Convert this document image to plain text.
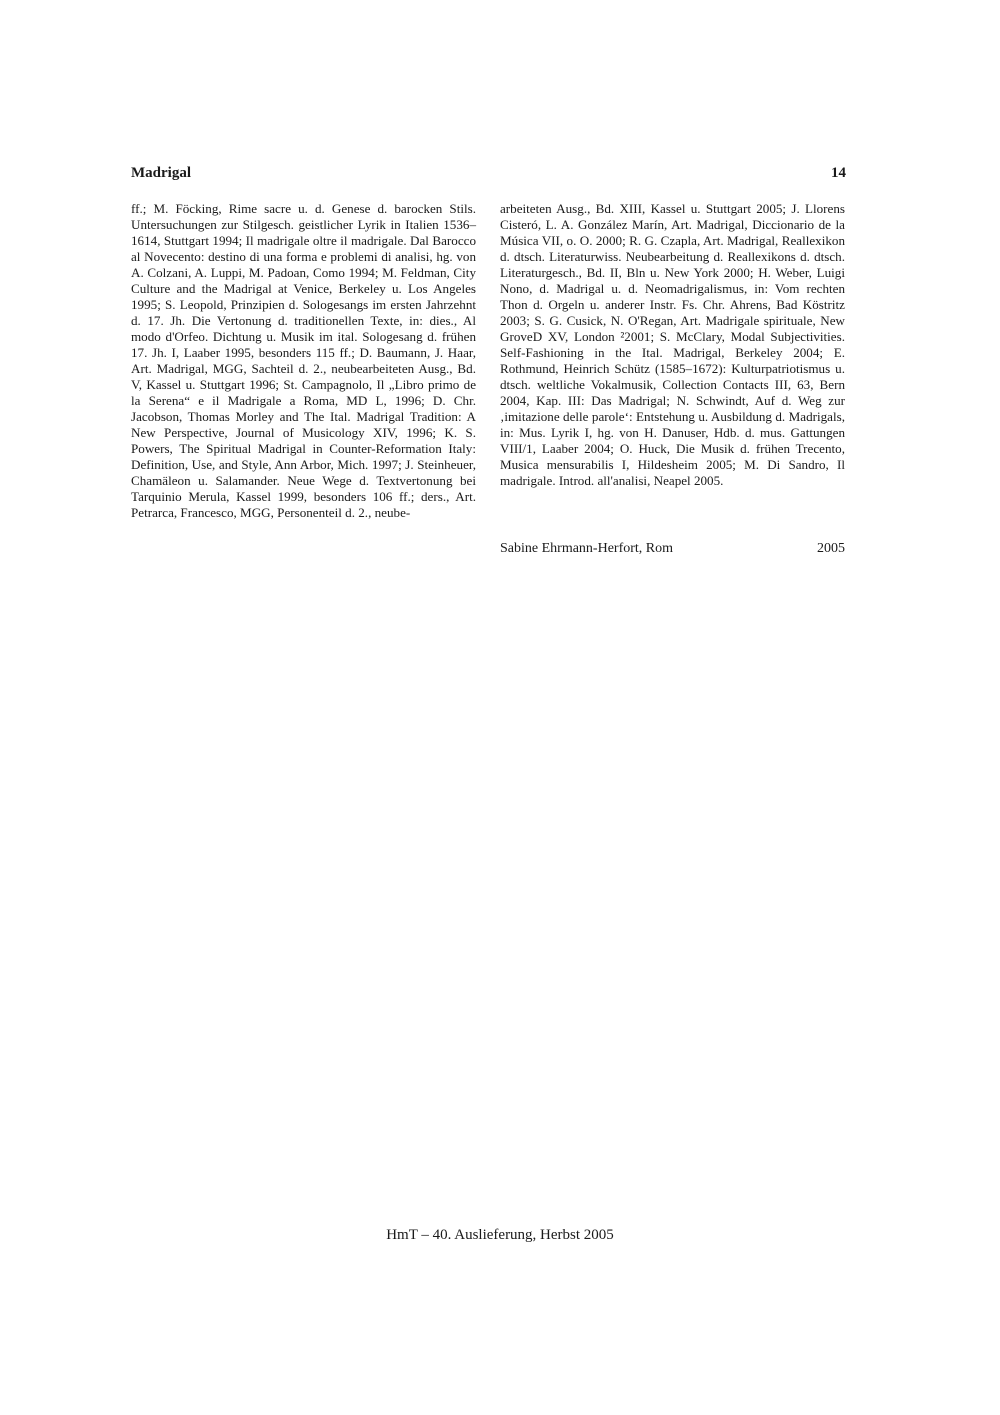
Madrigal	14

ff.; M. Föcking, Rime sacre u. d. Genese d. barocken Stils. Untersuchungen zur Stilgesch. geistlicher Lyrik in Italien 1536–1614, Stuttgart 1994; Il madrigale oltre il madrigale. Dal Barocco al Novecento: destino di una forma e problemi di analisi, hg. von A. Colzani, A. Luppi, M. Padoan, Como 1994; M. Feldman, City Culture and the Madrigal at Venice, Berkeley u. Los Angeles 1995; S. Leopold, Prinzipien d. Sologesangs im ersten Jahrzehnt d. 17. Jh. Die Vertonung d. traditionellen Texte, in: dies., Al modo d'Orfeo. Dichtung u. Musik im ital. Sologesang d. frühen 17. Jh. I, Laaber 1995, besonders 115 ff.; D. Baumann, J. Haar, Art. Madrigal, MGG, Sachteil d. 2., neubearbeiteten Ausg., Bd. V, Kassel u. Stuttgart 1996; St. Campagnolo, Il „Libro primo de la Serena“ e il Madrigale a Roma, MD L, 1996; D. Chr. Jacobson, Thomas Morley and The Ital. Madrigal Tradition: A New Perspective, Journal of Musicology XIV, 1996; K. S. Powers, The Spiritual Madrigal in Counter-Reformation Italy: Definition, Use, and Style, Ann Arbor, Mich. 1997; J. Steinheuer, Chamäleon u. Salamander. Neue Wege d. Textvertonung bei Tarquinio Merula, Kassel 1999, besonders 106 ff.; ders., Art. Petrarca, Francesco, MGG, Personenteil d. 2., neube-

arbeiteten Ausg., Bd. XIII, Kassel u. Stuttgart 2005; J. Llorens Cisteró, L. A. González Marín, Art. Madrigal, Diccionario de la Música VII, o. O. 2000; R. G. Czapla, Art. Madrigal, Reallexikon d. dtsch. Literaturwiss. Neubearbeitung d. Reallexikons d. dtsch. Literaturgesch., Bd. II, Bln u. New York 2000; H. Weber, Luigi Nono, d. Madrigal u. d. Neomadrigalismus, in: Vom rechten Thon d. Orgeln u. anderer Instr. Fs. Chr. Ahrens, Bad Köstritz 2003; S. G. Cusick, N. O'Regan, Art. Madrigale spirituale, New GroveD XV, London ²2001; S. McClary, Modal Subjectivities. Self-Fashioning in the Ital. Madrigal, Berkeley 2004; E. Rothmund, Heinrich Schütz (1585–1672): Kulturpatriotismus u. dtsch. weltliche Vokalmusik, Collection Contacts III, 63, Bern 2004, Kap. III: Das Madrigal; N. Schwindt, Auf d. Weg zur ‚imitazione delle parole‘: Entstehung u. Ausbildung d. Madrigals, in: Mus. Lyrik I, hg. von H. Danuser, Hdb. d. mus. Gattungen VIII/1, Laaber 2004; O. Huck, Die Musik d. frühen Trecento, Musica mensurabilis I, Hildesheim 2005; M. Di Sandro, Il madrigale. Introd. all'analisi, Neapel 2005.

Sabine Ehrmann-Herfort, Rom	2005
HmT – 40. Auslieferung, Herbst 2005
